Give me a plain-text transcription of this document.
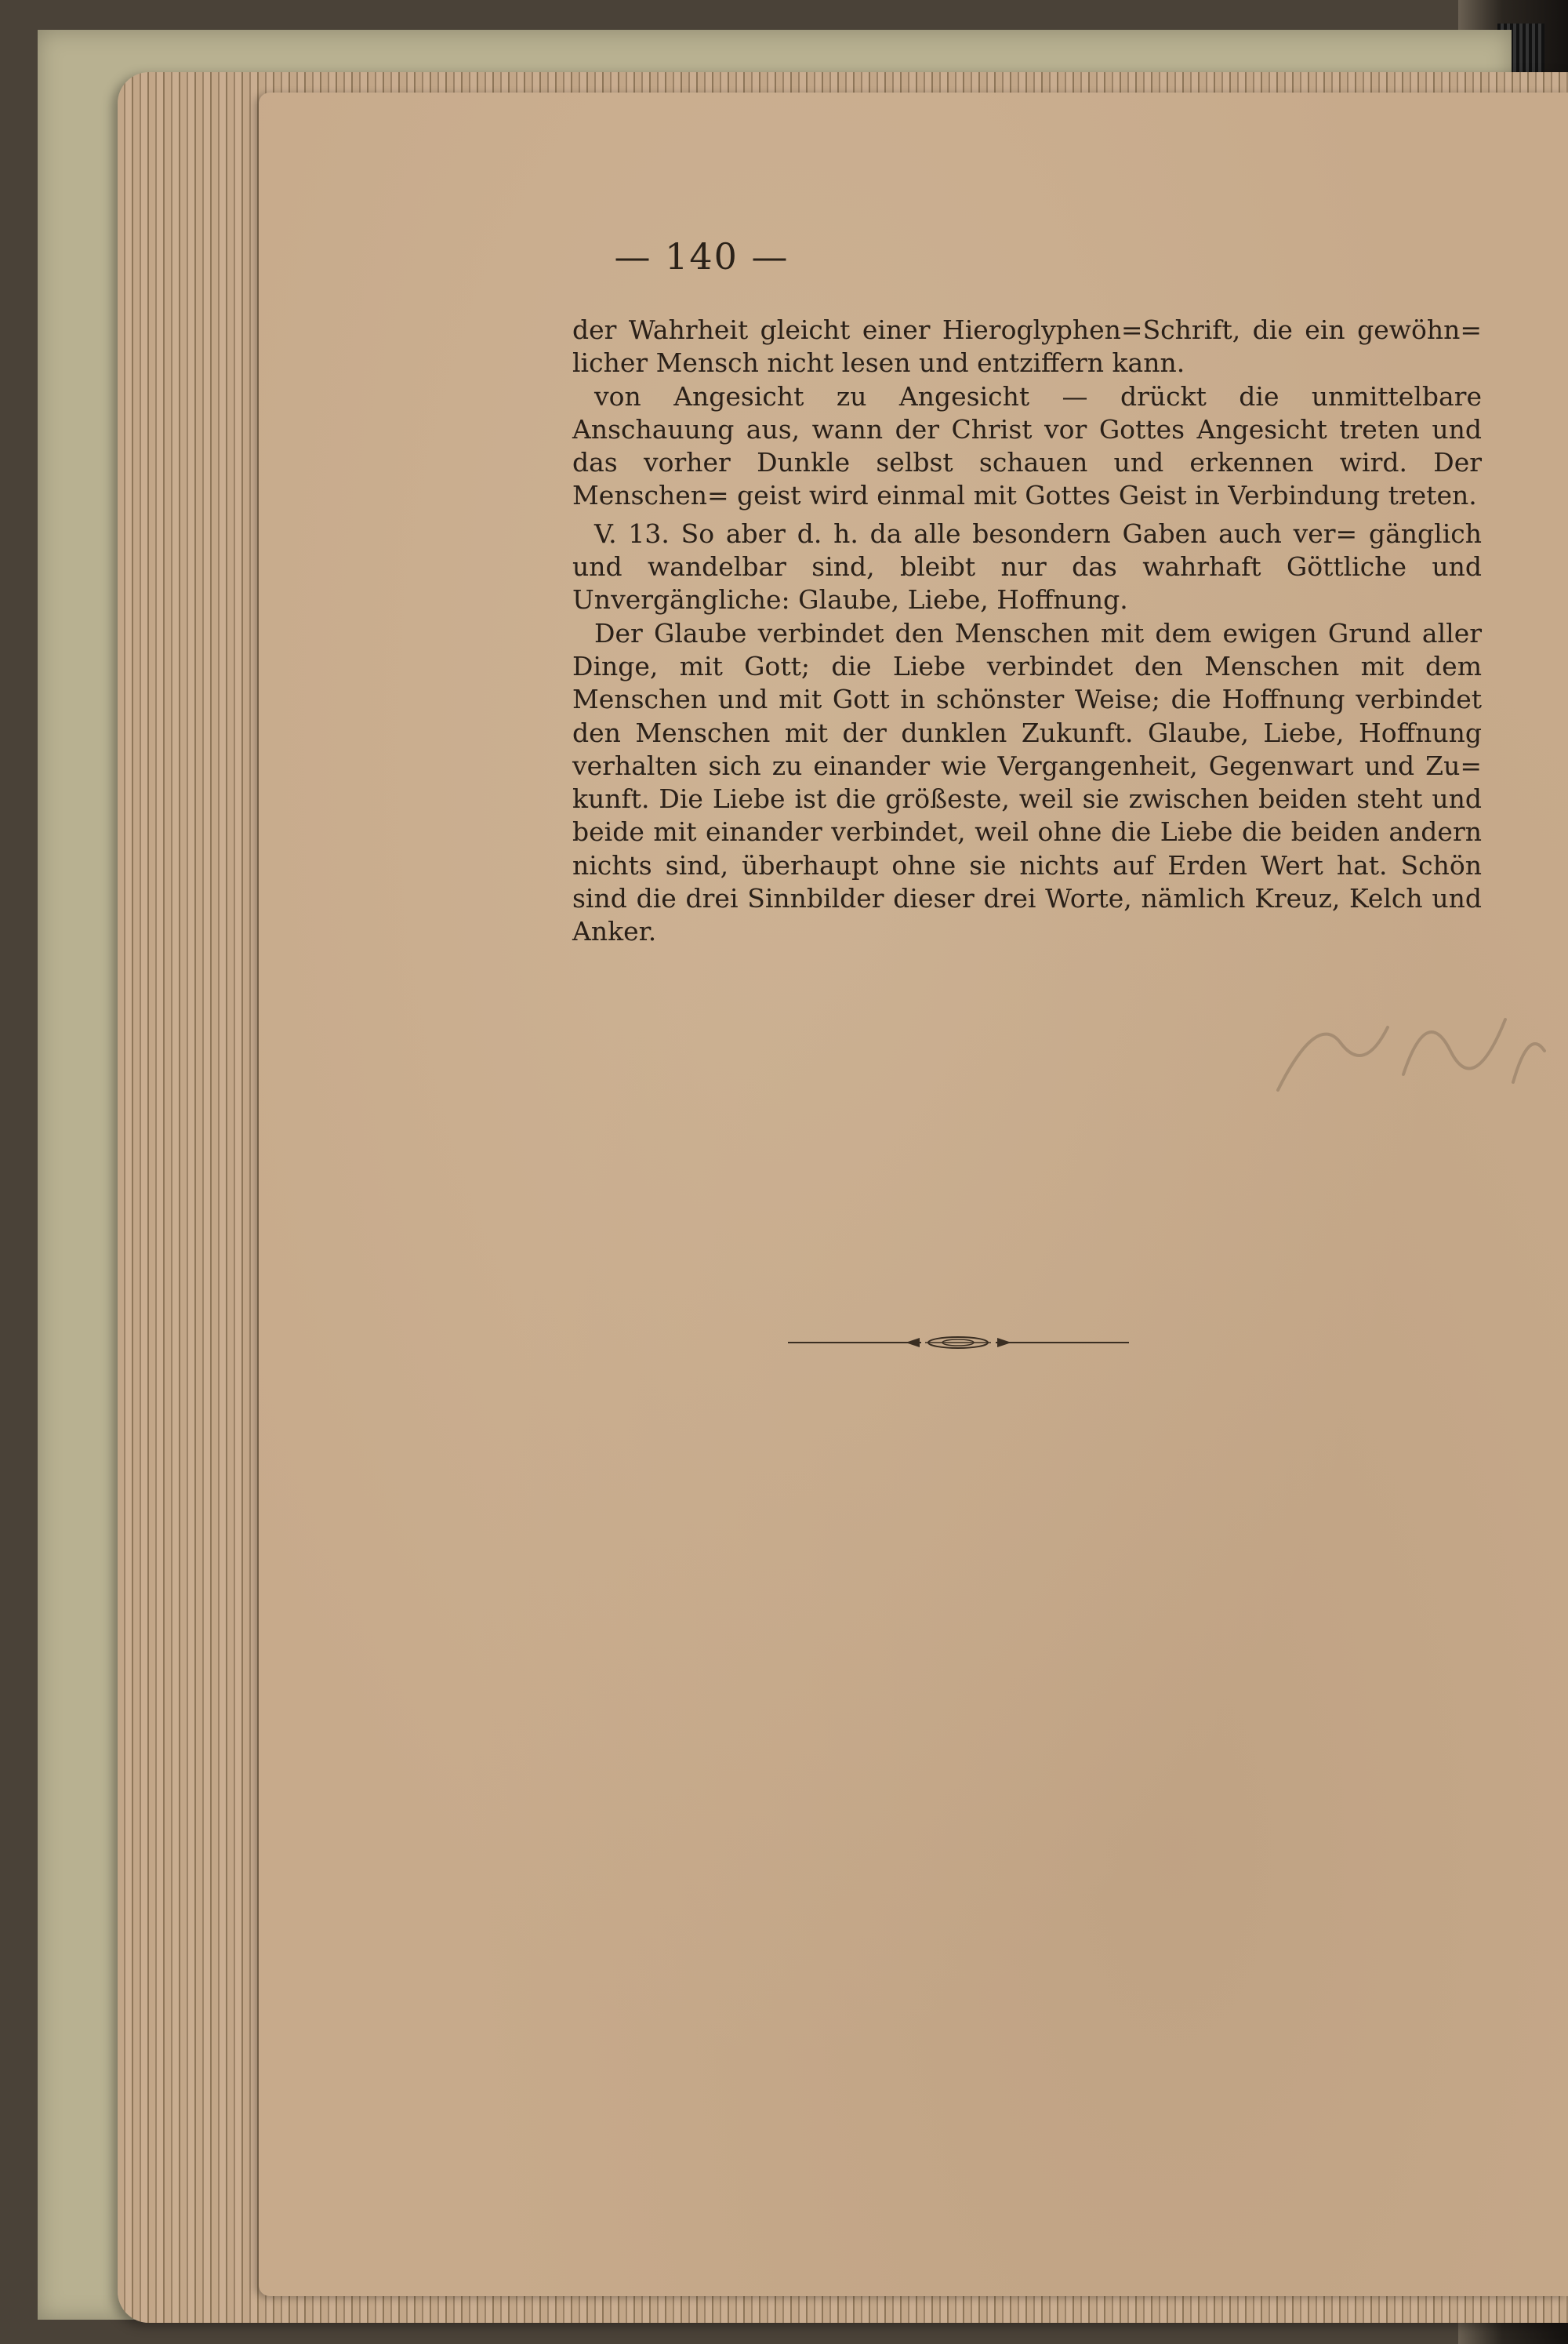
— 140 —

der Wahrheit gleicht einer Hieroglyphen=Schrift, die ein gewöhn= licher Mensch nicht lesen und entziffern kann.

von Angesicht zu Angesicht — drückt die unmittelbare Anschauung aus, wann der Christ vor Gottes Angesicht treten und das vorher Dunkle selbst schauen und erkennen wird. Der Menschen= geist wird einmal mit Gottes Geist in Verbindung treten.

V. 13. So aber d. h. da alle besondern Gaben auch ver= gänglich und wandelbar sind, bleibt nur das wahrhaft Göttliche und Unvergängliche: Glaube, Liebe, Hoffnung.

Der Glaube verbindet den Menschen mit dem ewigen Grund aller Dinge, mit Gott; die Liebe verbindet den Menschen mit dem Menschen und mit Gott in schönster Weise; die Hoffnung verbindet den Menschen mit der dunklen Zukunft. Glaube, Liebe, Hoffnung verhalten sich zu einander wie Vergangenheit, Gegenwart und Zu= kunft. Die Liebe ist die größeste, weil sie zwischen beiden steht und beide mit einander verbindet, weil ohne die Liebe die beiden andern nichts sind, überhaupt ohne sie nichts auf Erden Wert hat. Schön sind die drei Sinnbilder dieser drei Worte, nämlich Kreuz, Kelch und Anker.
